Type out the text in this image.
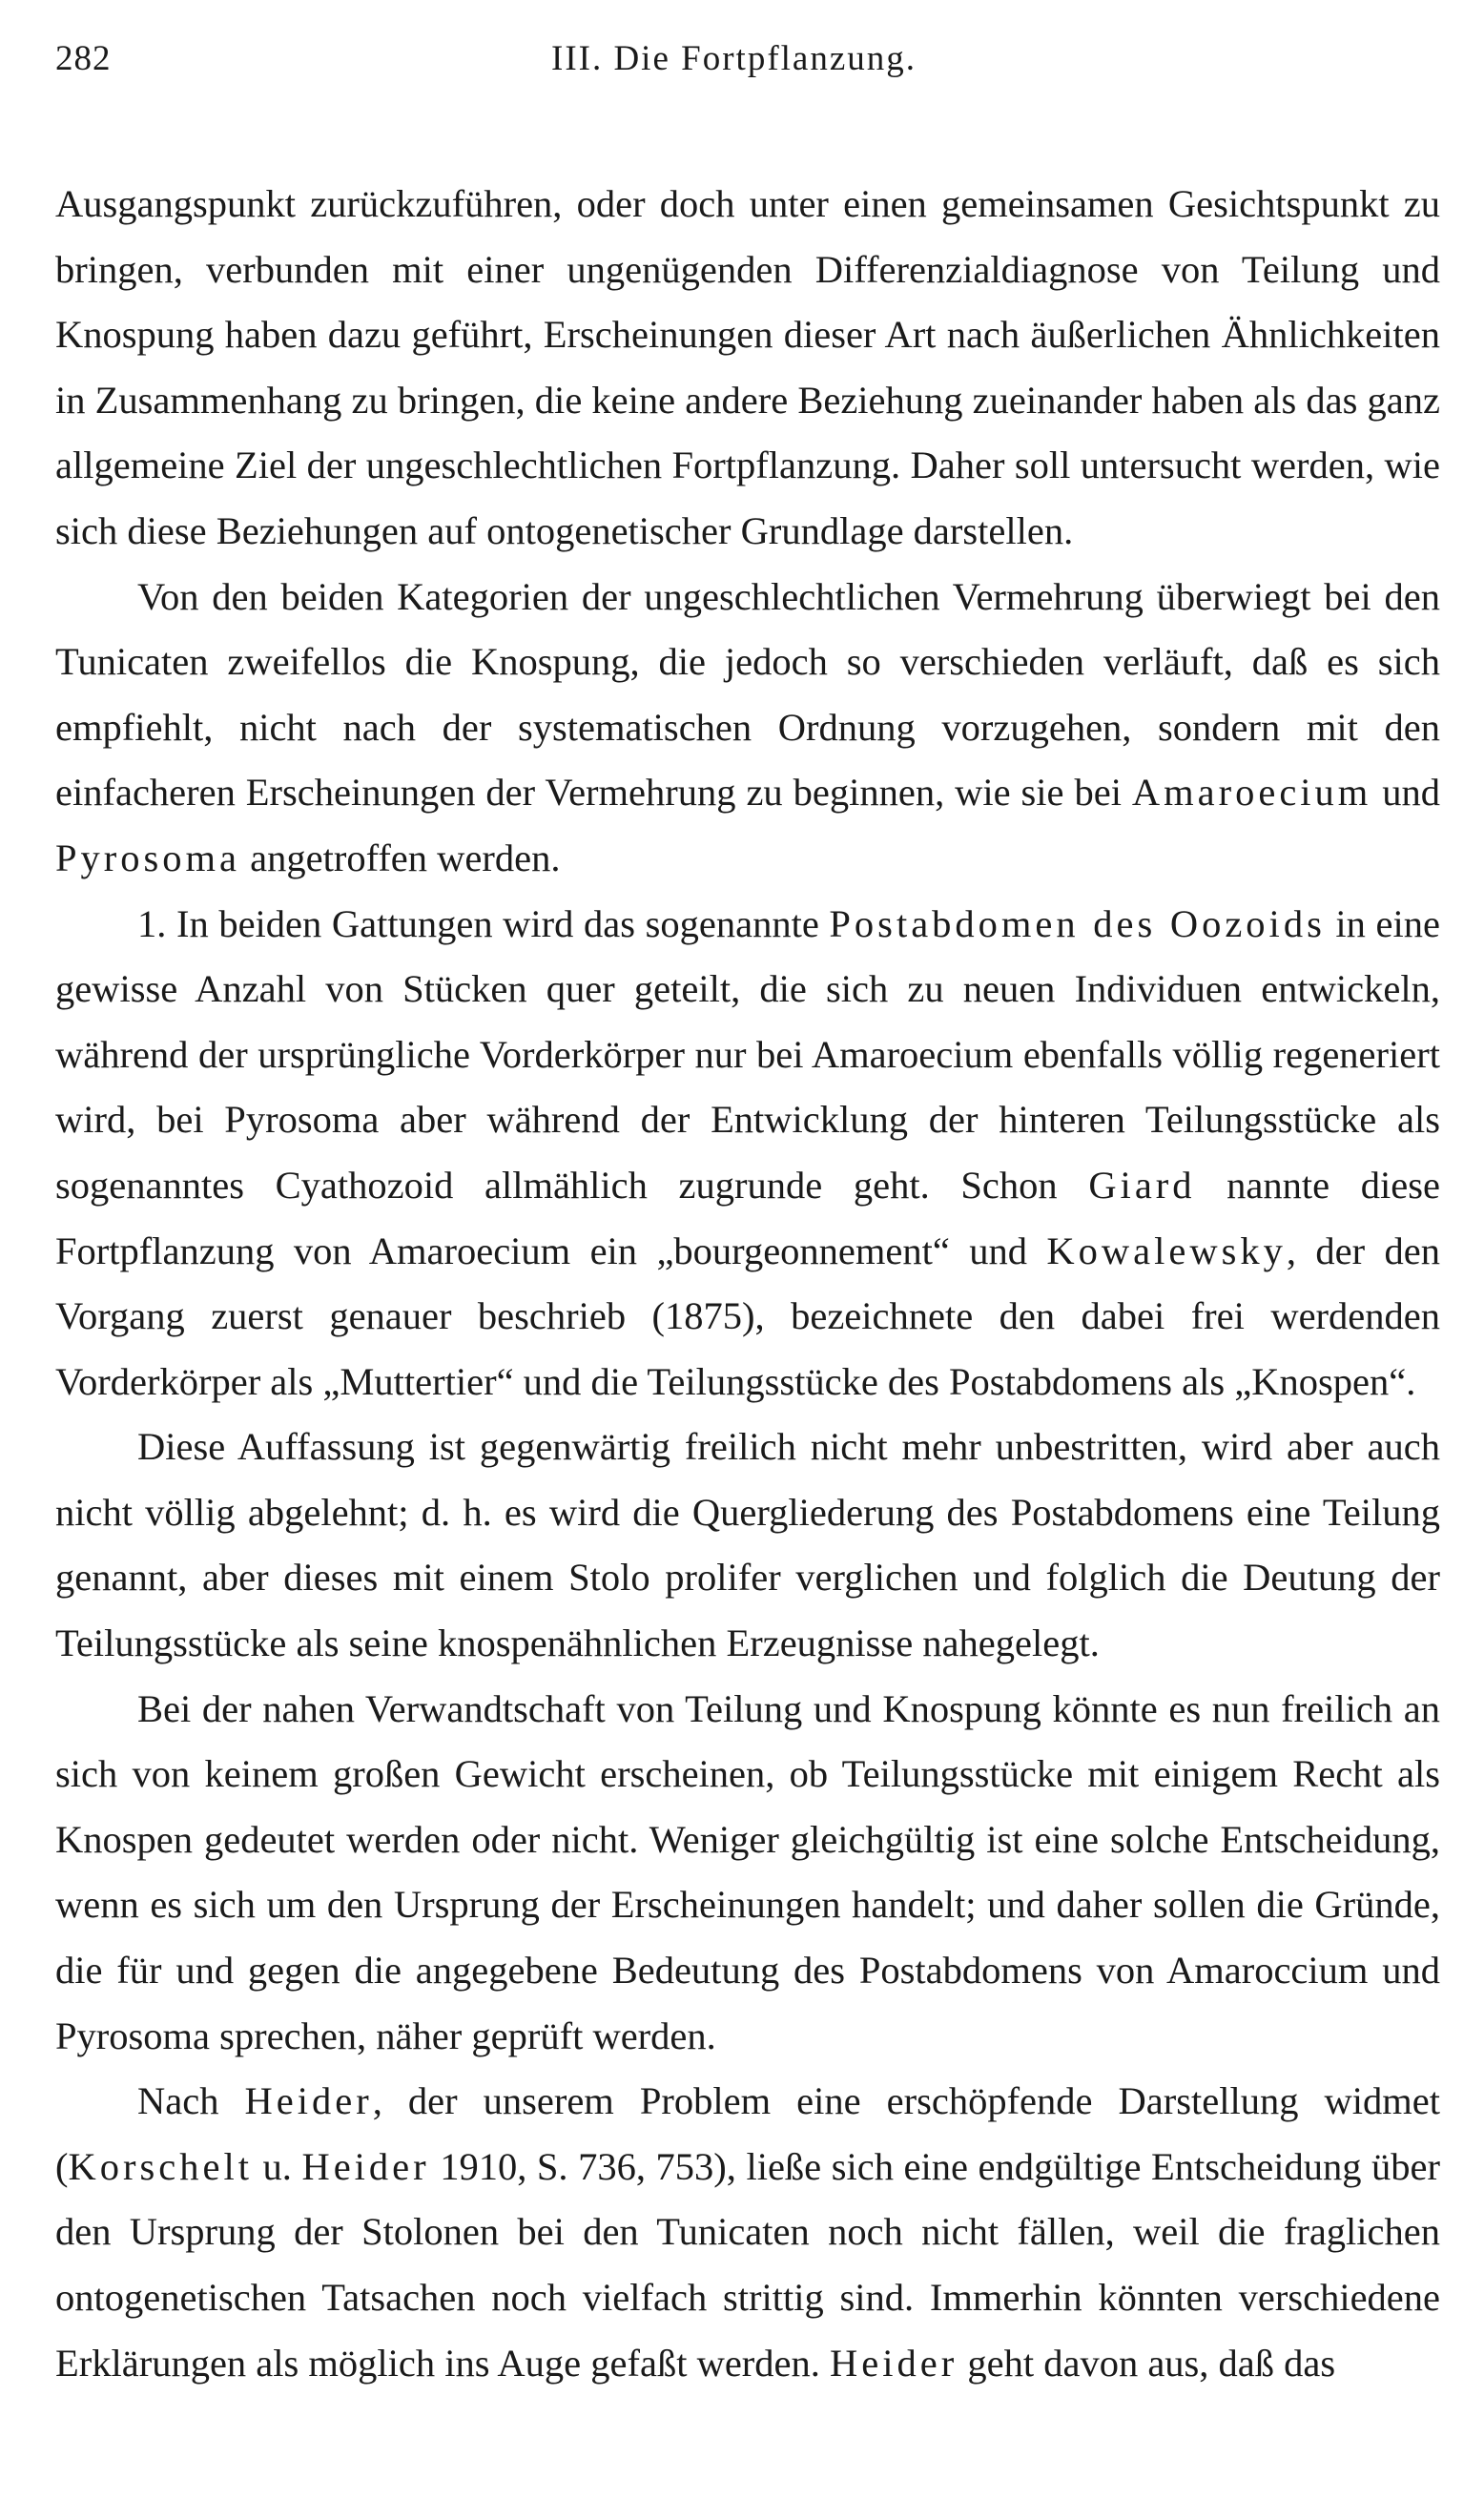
282	III. Die Fortpflanzung.

Ausgangspunkt zurückzuführen, oder doch unter einen gemeinsamen Gesichtspunkt zu bringen, verbunden mit einer ungenügenden Differenzialdiagnose von Teilung und Knospung haben dazu geführt, Erscheinungen dieser Art nach äußerlichen Ähnlichkeiten in Zusammenhang zu bringen, die keine andere Beziehung zueinander haben als das ganz allgemeine Ziel der ungeschlechtlichen Fortpflanzung. Daher soll untersucht werden, wie sich diese Beziehungen auf ontogenetischer Grundlage darstellen.

Von den beiden Kategorien der ungeschlechtlichen Vermehrung überwiegt bei den Tunicaten zweifellos die Knospung, die jedoch so verschieden verläuft, daß es sich empfiehlt, nicht nach der systematischen Ordnung vorzugehen, sondern mit den einfacheren Erscheinungen der Vermehrung zu beginnen, wie sie bei Amaroecium und Pyrosoma angetroffen werden.

1. In beiden Gattungen wird das sogenannte Postabdomen des Oozoids in eine gewisse Anzahl von Stücken quer geteilt, die sich zu neuen Individuen entwickeln, während der ursprüngliche Vorderkörper nur bei Amaroecium ebenfalls völlig regeneriert wird, bei Pyrosoma aber während der Entwicklung der hinteren Teilungsstücke als sogenanntes Cyathozoid allmählich zugrunde geht. Schon Giard nannte diese Fortpflanzung von Amaroecium ein „bourgeonnement“ und Kowalewsky, der den Vorgang zuerst genauer beschrieb (1875), bezeichnete den dabei frei werdenden Vorderkörper als „Muttertier“ und die Teilungsstücke des Postabdomens als „Knospen“.

Diese Auffassung ist gegenwärtig freilich nicht mehr unbestritten, wird aber auch nicht völlig abgelehnt; d. h. es wird die Quergliederung des Postabdomens eine Teilung genannt, aber dieses mit einem Stolo prolifer verglichen und folglich die Deutung der Teilungsstücke als seine knospenähnlichen Erzeugnisse nahegelegt.

Bei der nahen Verwandtschaft von Teilung und Knospung könnte es nun freilich an sich von keinem großen Gewicht erscheinen, ob Teilungsstücke mit einigem Recht als Knospen gedeutet werden oder nicht. Weniger gleichgültig ist eine solche Entscheidung, wenn es sich um den Ursprung der Erscheinungen handelt; und daher sollen die Gründe, die für und gegen die angegebene Bedeutung des Postabdomens von Amaroccium und Pyrosoma sprechen, näher geprüft werden.

Nach Heider, der unserem Problem eine erschöpfende Darstellung widmet (Korschelt u. Heider 1910, S. 736, 753), ließe sich eine endgültige Entscheidung über den Ursprung der Stolonen bei den Tunicaten noch nicht fällen, weil die fraglichen ontogenetischen Tatsachen noch vielfach strittig sind. Immerhin könnten verschiedene Erklärungen als möglich ins Auge gefaßt werden. Heider geht davon aus, daß das
